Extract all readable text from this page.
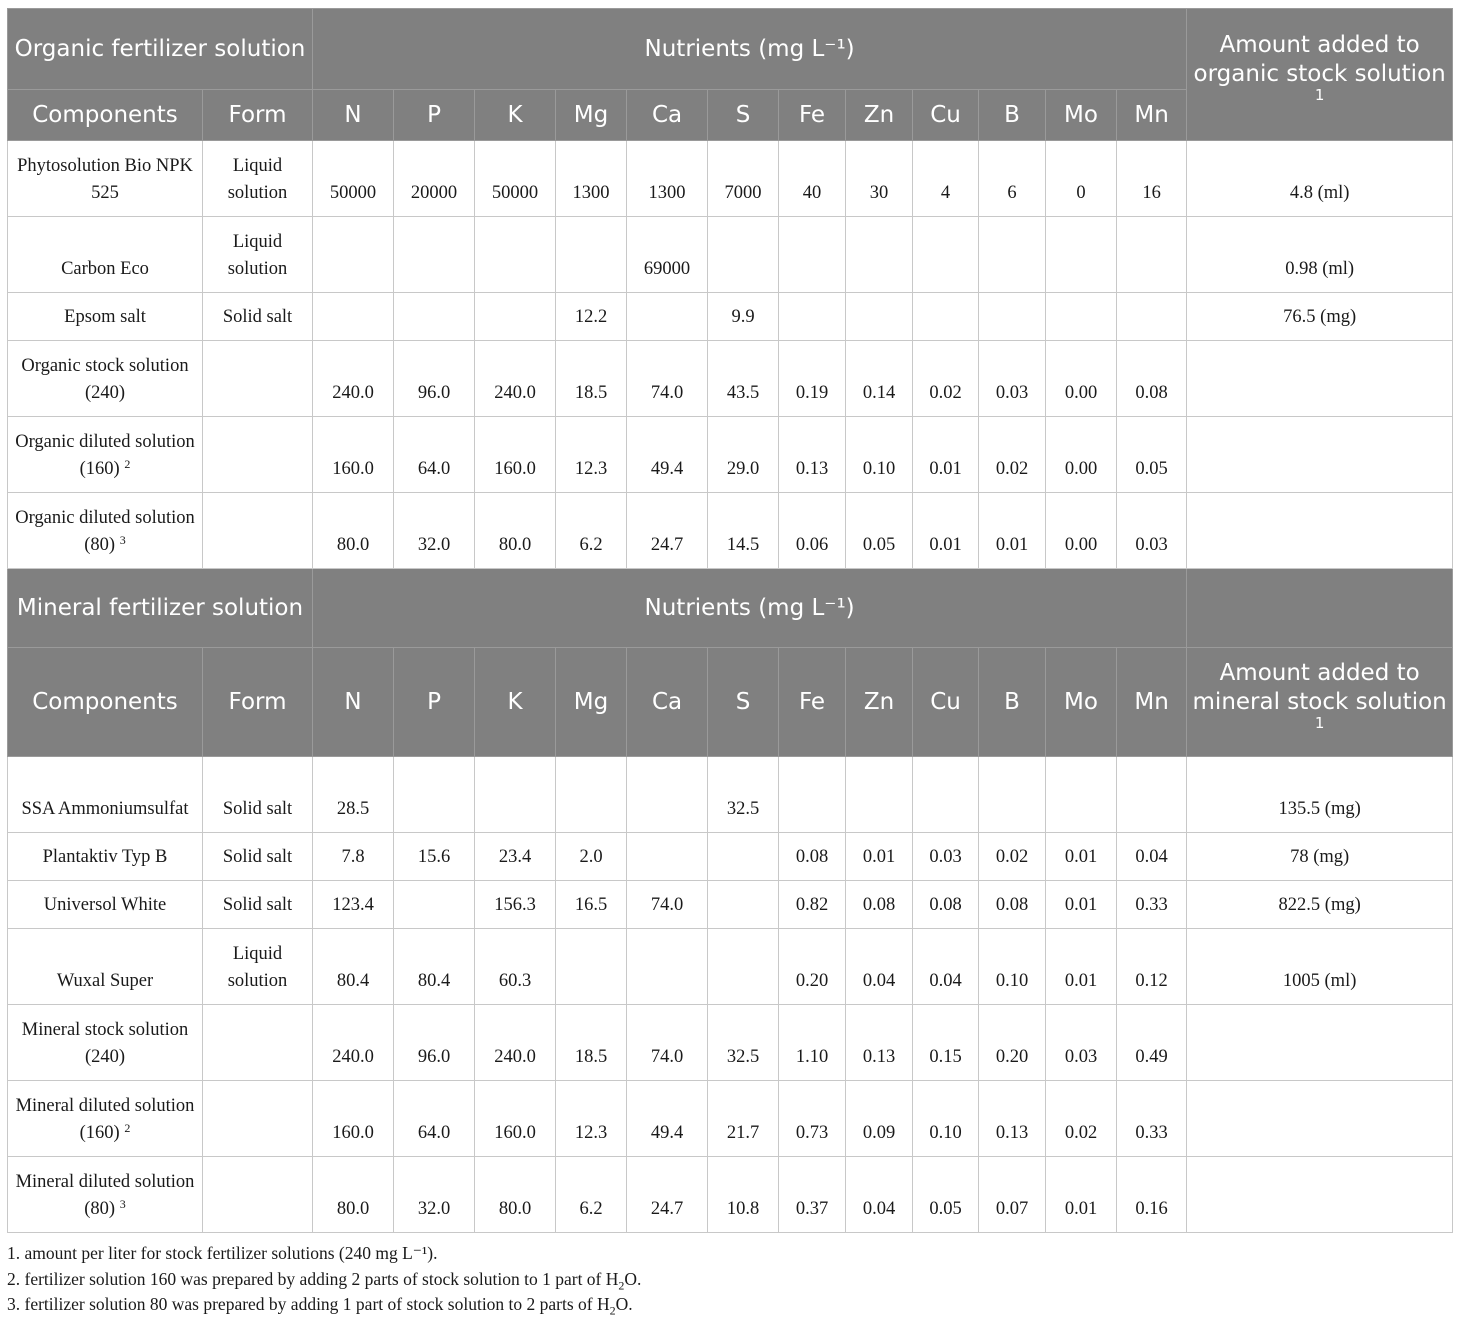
Organic fertilizer solution		Nutrients (mg L⁻¹)												Amount added to organic stock solution $^1$
Components	Form	N	P	K	Mg	Ca	S	Fe	Zn	Cu	B	Mo	Mn	
Phytosolution Bio NPK 525	Liquid solution	50000	20000	50000	1300	1300	7000	40	30	4	6	0	16	4.8 (ml)
Carbon Eco	Liquid solution					69000								0.98 (ml)
Epsom salt	Solid salt				12.2		9.9							76.5 (mg)
Organic stock solution (240)		240.0	96.0	240.0	18.5	74.0	43.5	0.19	0.14	0.02	0.03	0.00	0.08	
Organic diluted solution (160) $^2$		160.0	64.0	160.0	12.3	49.4	29.0	0.13	0.10	0.01	0.02	0.00	0.05	
Organic diluted solution (80) $^3$		80.0	32.0	80.0	6.2	24.7	14.5	0.06	0.05	0.01	0.01	0.00	0.03	
Mineral fertilizer solution		Nutrients (mg L⁻¹)												
Components	Form	N	P	K	Mg	Ca	S	Fe	Zn	Cu	B	Mo	Mn	Amount added to mineral stock solution $^1$
SSA Ammoniumsulfat	Solid salt	28.5					32.5							135.5 (mg)
Plantaktiv Typ B	Solid salt	7.8	15.6	23.4	2.0			0.08	0.01	0.03	0.02	0.01	0.04	78 (mg)
Universol White	Solid salt	123.4		156.3	16.5	74.0		0.82	0.08	0.08	0.08	0.01	0.33	822.5 (mg)
Wuxal Super	Liquid solution	80.4	80.4	60.3				0.20	0.04	0.04	0.10	0.01	0.12	1005 (ml)
Mineral stock solution (240)		240.0	96.0	240.0	18.5	74.0	32.5	1.10	0.13	0.15	0.20	0.03	0.49	
Mineral diluted solution (160) $^2$		160.0	64.0	160.0	12.3	49.4	21.7	0.73	0.09	0.10	0.13	0.02	0.33	
Mineral diluted solution (80) $^3$		80.0	32.0	80.0	6.2	24.7	10.8	0.37	0.04	0.05	0.07	0.01	0.16	
1. amount per liter for stock fertilizer solutions (240 mg L⁻¹).
2. fertilizer solution 160 was prepared by adding 2 parts of stock solution to 1 part of $H_2O$.
3. fertilizer solution 80 was prepared by adding 1 part of stock solution to 2 parts of $H_2O$.
